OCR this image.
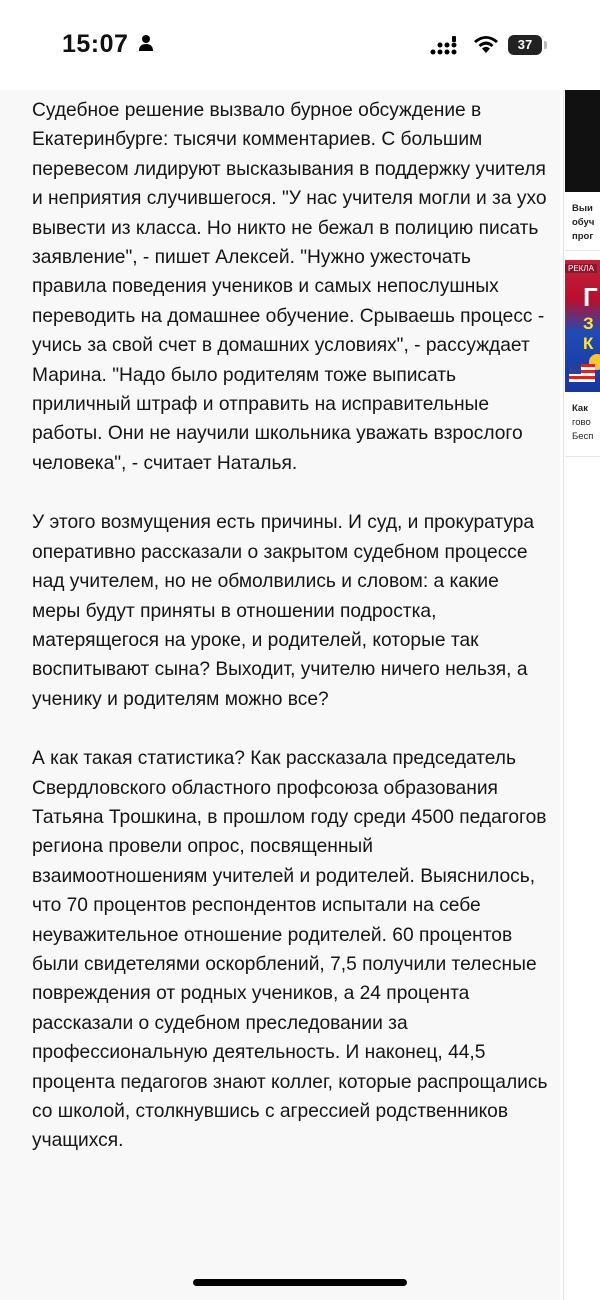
15:07	37

Судебное решение вызвало бурное обсуждение в Екатеринбурге: тысячи комментариев. С большим перевесом лидируют высказывания в поддержку учителя и неприятия случившегося. "У нас учителя могли и за ухо вывести из класса. Но никто не бежал в полицию писать заявление", - пишет Алексей. "Нужно ужесточать правила поведения учеников и самых непослушных переводить на домашнее обучение. Срываешь процесс - учись за свой счет в домашних условиях", - рассуждает Марина. "Надо было родителям тоже выписать приличный штраф и отправить на исправительные работы. Они не научили школьника уважать взрослого человека", - считает Наталья.

У этого возмущения есть причины. И суд, и прокуратура оперативно рассказали о закрытом судебном процессе над учителем, но не обмолвились и словом: а какие меры будут приняты в отношении подростка, матерящегося на уроке, и родителей, которые так воспитывают сына? Выходит, учителю ничего нельзя, а ученику и родителям можно все?

А как такая статистика? Как рассказала председатель Свердловского областного профсоюза образования Татьяна Трошкина, в прошлом году среди 4500 педагогов региона провели опрос, посвященный взаимоотношениям учителей и родителей. Выяснилось, что 70 процентов респондентов испытали на себе неуважительное отношение родителей. 60 процентов были свидетелями оскорблений, 7,5 получили телесные повреждения от родных учеников, а 24 процента рассказали о судебном преследовании за профессиональную деятельность. И наконец, 44,5 процента педагогов знают коллег, которые распрощались со школой, столкнувшись с агрессией родственников учащихся.

Выи
обуч
прог
РЕКЛА
Г
З
К
Как
гово
Бесп
